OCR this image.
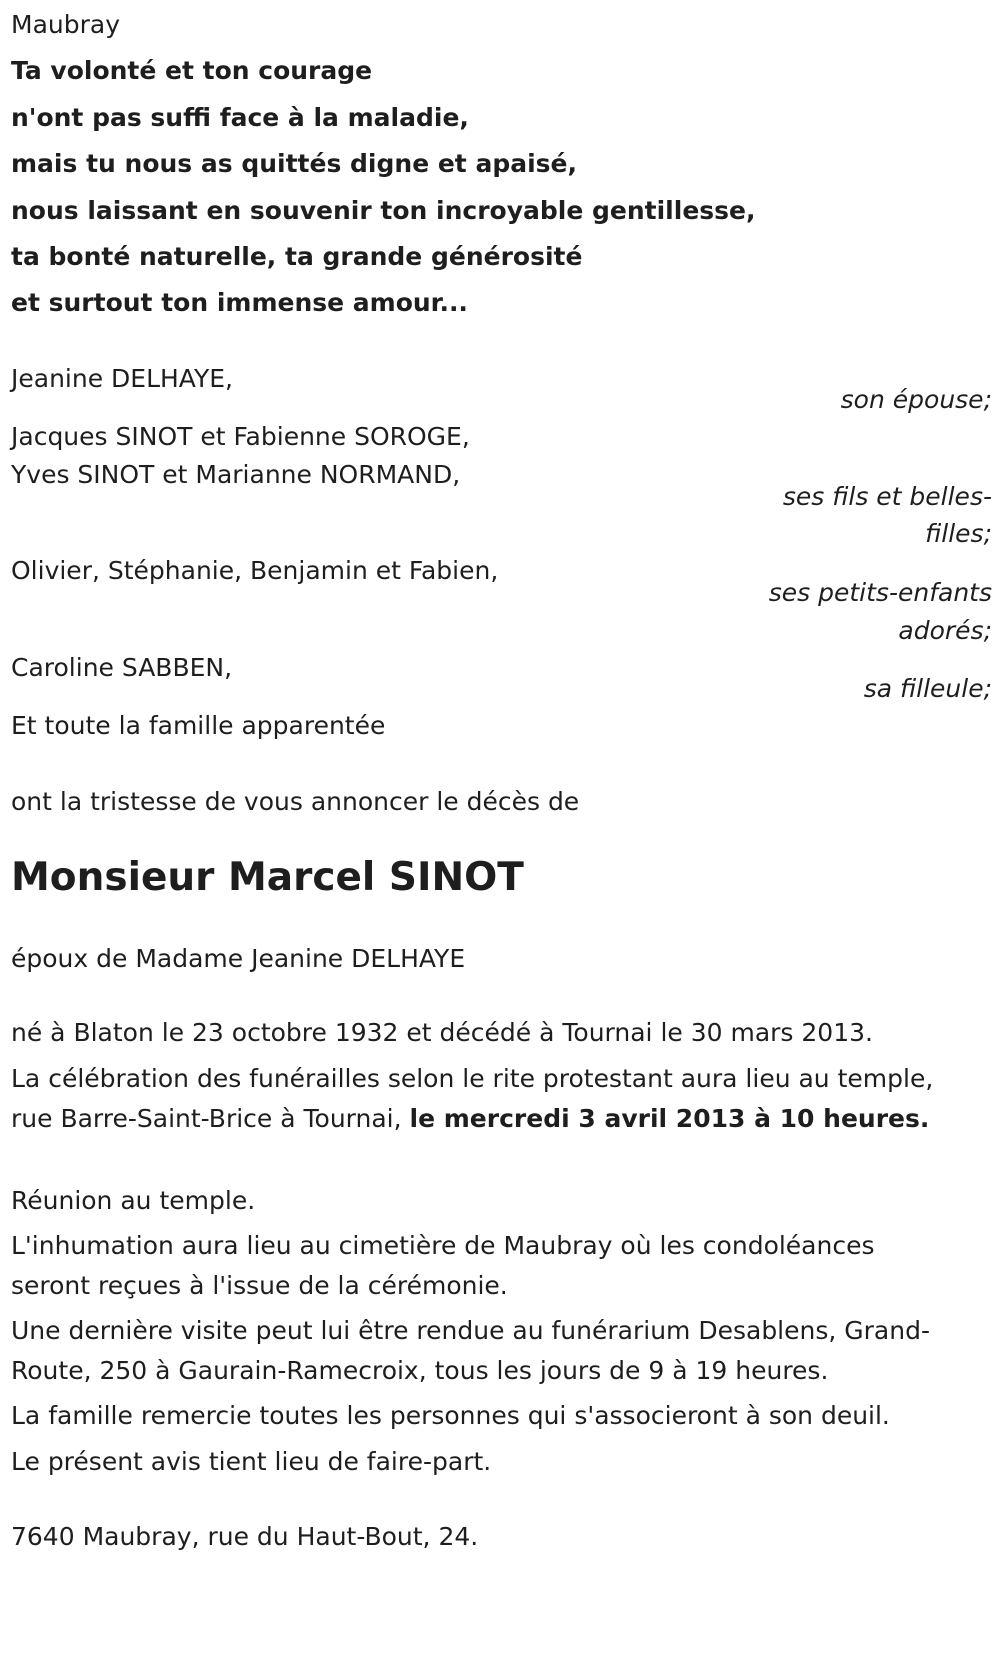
Maubray
Ta volonté et ton courage
n'ont pas suffi face à la maladie,
mais tu nous as quittés digne et apaisé,
nous laissant en souvenir ton incroyable gentillesse,
ta bonté naturelle, ta grande générosité
et surtout ton immense amour...
Jeanine DELHAYE,
son épouse;
Jacques SINOT et Fabienne SOROGE,
Yves SINOT et Marianne NORMAND,
ses fils et belles-
filles;
Olivier, Stéphanie, Benjamin et Fabien,
ses petits-enfants
adorés;
Caroline SABBEN,
sa filleule;
Et toute la famille apparentée
ont la tristesse de vous annoncer le décès de
Monsieur Marcel SINOT
époux de Madame Jeanine DELHAYE
né à Blaton le 23 octobre 1932 et décédé à Tournai le 30 mars 2013.
La célébration des funérailles selon le rite protestant aura lieu au temple, rue Barre-Saint-Brice à Tournai, le mercredi 3 avril 2013 à 10 heures.
Réunion au temple.
L'inhumation aura lieu au cimetière de Maubray où les condoléances seront reçues à l'issue de la cérémonie.
Une dernière visite peut lui être rendue au funérarium Desablens, Grand-Route, 250 à Gaurain-Ramecroix, tous les jours de 9 à 19 heures.
La famille remercie toutes les personnes qui s'associeront à son deuil.
Le présent avis tient lieu de faire-part.
7640 Maubray, rue du Haut-Bout, 24.
